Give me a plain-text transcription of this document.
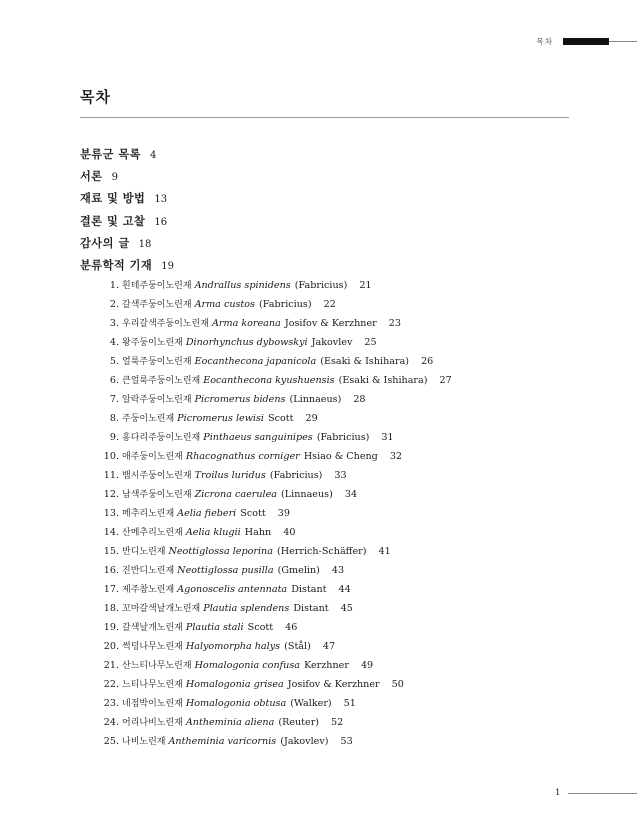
목차
목차
분류군 목록 4
서론 9
재료 및 방법 13
결론 및 고찰 16
감사의 글 18
분류학적 기재 19
1. 흰테주둥이노린재 Andrallus spinidens (Fabricius) 21
2. 갈색주둥이노린재 Arma custos (Fabricius) 22
3. 우리갈색주둥이노린재 Arma koreana Josifov & Kerzhner 23
4. 왕주둥이노린재 Dinorhynchus dybowskyi Jakovlev 25
5. 얼룩주둥이노린재 Eocanthecona japanicola (Esaki & Ishihara) 26
6. 큰얼룩주둥이노린재 Eocanthecona kyushuensis (Esaki & Ishihara) 27
7. 알락주둥이노린재 Picromerus bidens (Linnaeus) 28
8. 주둥이노린재 Picromerus lewisi Scott 29
9. 홍다리주둥이노린재 Pinthaeus sanguinipes (Fabricius) 31
10. 애주둥이노린재 Rhacognathus corniger Hsiao & Cheng 32
11. 뱀시주둥이노린재 Troilus luridus (Fabricius) 33
12. 남색주둥이노린재 Zicrona caerulea (Linnaeus) 34
13. 메추리노린재 Aelia fieberi Scott 39
14. 산메추리노린재 Aelia klugii Hahn 40
15. 반디노린재 Neottiglossa leporina (Herrich-Schäffer) 41
16. 진반디노린재 Neottiglossa pusilla (Gmelin) 43
17. 제주참노린재 Agonoscelis antennata Distant 44
18. 꼬마갈색날개노린재 Plautia splendens Distant 45
19. 갈색날개노린재 Plautia stali Scott 46
20. 썩덩나무노린재 Halyomorpha halys (Stål) 47
21. 산느티나무노린재 Homalogonia confusa Kerzhner 49
22. 느티나무노린재 Homalogonia grisea Josifov & Kerzhner 50
23. 네점박이노린재 Homalogonia obtusa (Walker) 51
24. 어리나비노린재 Antheminia aliena (Reuter) 52
25. 나비노린재 Antheminia varicornis (Jakovlev) 53
1
